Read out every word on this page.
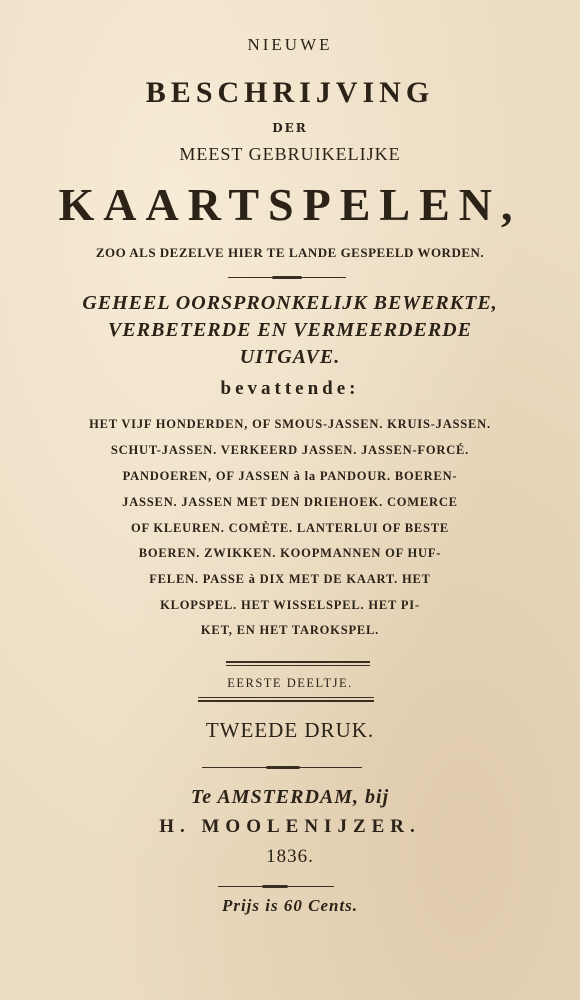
NIEUWE
BESCHRIJVING
DER
MEEST GEBRUIKELIJKE
KAARTSPELEN,
ZOO ALS DEZELVE HIER TE LANDE GESPEELD WORDEN.
GEHEEL OORSPRONKELIJK BEWERKTE,
VERBETERDE EN VERMEERDERDE
UITGAVE.
bevattende:
HET VIJF HONDERDEN, OF SMOUS-JASSEN. KRUIS-JASSEN.
SCHUT-JASSEN. VERKEERD JASSEN. JASSEN-FORCÉ.
PANDOEREN, OF JASSEN à la PANDOUR. BOEREN-
JASSEN. JASSEN MET DEN DRIEHOEK. COMERCE
OF KLEUREN. COMÈTE. LANTERLUI OF BESTE
BOEREN. ZWIKKEN. KOOPMANNEN OF HUF-
FELEN. PASSE à DIX MET DE KAART. HET
KLOPSPEL. HET WISSELSPEL. HET PI-
KET, EN HET TAROKSPEL.
EERSTE DEELTJE.
TWEEDE DRUK.
Te AMSTERDAM, bij
H. MOOLENIJZER.
1836.
Prijs is 60 Cents.
